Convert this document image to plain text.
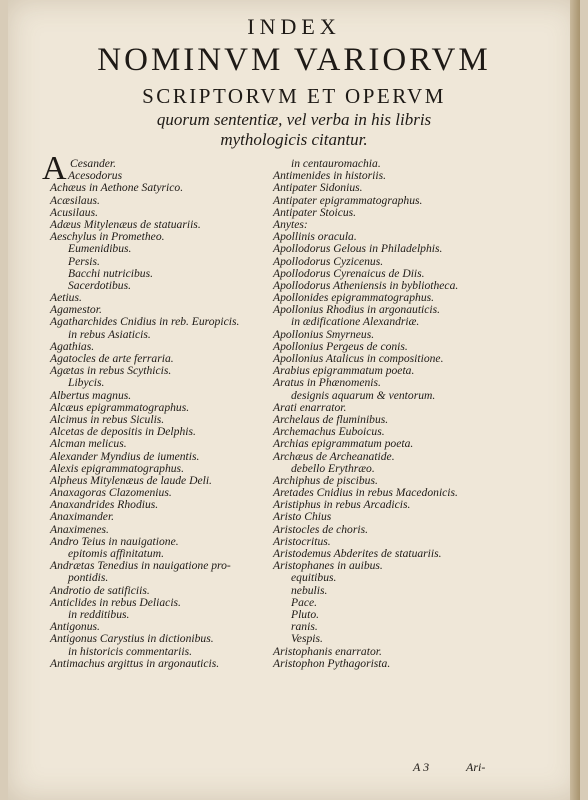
INDEX
NOMINVM VARIORVM
SCRIPTORVM ET OPERVM
quorum sententiæ, vel verba in his libris
mythologicis citantur.
A Cesander.
Acesodorus
Achæus in Aethone Satyrico.
Acæsilaus.
Acusilaus.
Adæus Mitylenæus de statuariis.
Aeschylus in Prometheo.
Eumenidibus.
Persis.
Bacchi nutricibus.
Sacerdotibus.
Aetius.
Agamestor.
Agatharchides Cnidius in reb. Europicis.
in rebus Asiaticis.
Agathias.
Agatocles de arte ferraria.
Agætas in rebus Scythicis.
Libycis.
Albertus magnus.
Alcæus epigrammatographus.
Alcimus in rebus Siculis.
Alcetas de depositis in Delphis.
Alcman melicus.
Alexander Myndius de iumentis.
Alexis epigrammatographus.
Alpheus Mitylenæus de laude Deli.
Anaxagoras Clazomenius.
Anaxandrides Rhodius.
Anaximander.
Anaximenes.
Andro Teius in nauigatione.
epitomis affinitatum.
Andrætas Tenedius in nauigatione pro-
pontidis.
Androtio de satificiis.
Anticlides in rebus Deliacis.
in redditibus.
Antigonus.
Antigonus Carystius in dictionibus.
in historicis commentariis.
Antimachus argittus in argonauticis.
in centauromachia.
Antimenides in historiis.
Antipater Sidonius.
Antipater epigrammatographus.
Antipater Stoicus.
Anytes:
Apollinis oracula.
Apollodorus Gelous in Philadelphis.
Apollodorus Cyzicenus.
Apollodorus Cyrenaicus de Diis.
Apollodorus Atheniensis in bybliotheca.
Apollonides epigrammatographus.
Apollonius Rhodius in argonauticis.
in ædificatione Alexandriæ.
Apollonius Smyrneus.
Apollonius Pergeus de conis.
Apollonius Atalicus in compositione.
Arabius epigrammatum poeta.
Aratus in Phænomenis.
designis aquarum & ventorum.
Arati enarrator.
Archelaus de fluminibus.
Archemachus Euboicus.
Archias epigrammatum poeta.
Archæus de Archeanatide.
debello Erythræo.
Archiphus de piscibus.
Aretades Cnidius in rebus Macedonicis.
Aristiphus in rebus Arcadicis.
Aristo Chius
Aristocles de choris.
Aristocritus.
Aristodemus Abderites de statuariis.
Aristophanes in auibus.
equitibus.
nebulis.
Pace.
Pluto.
ranis.
Vespis.
Aristophanis enarrator.
Aristophon Pythagorista.
A 3	Ari-
